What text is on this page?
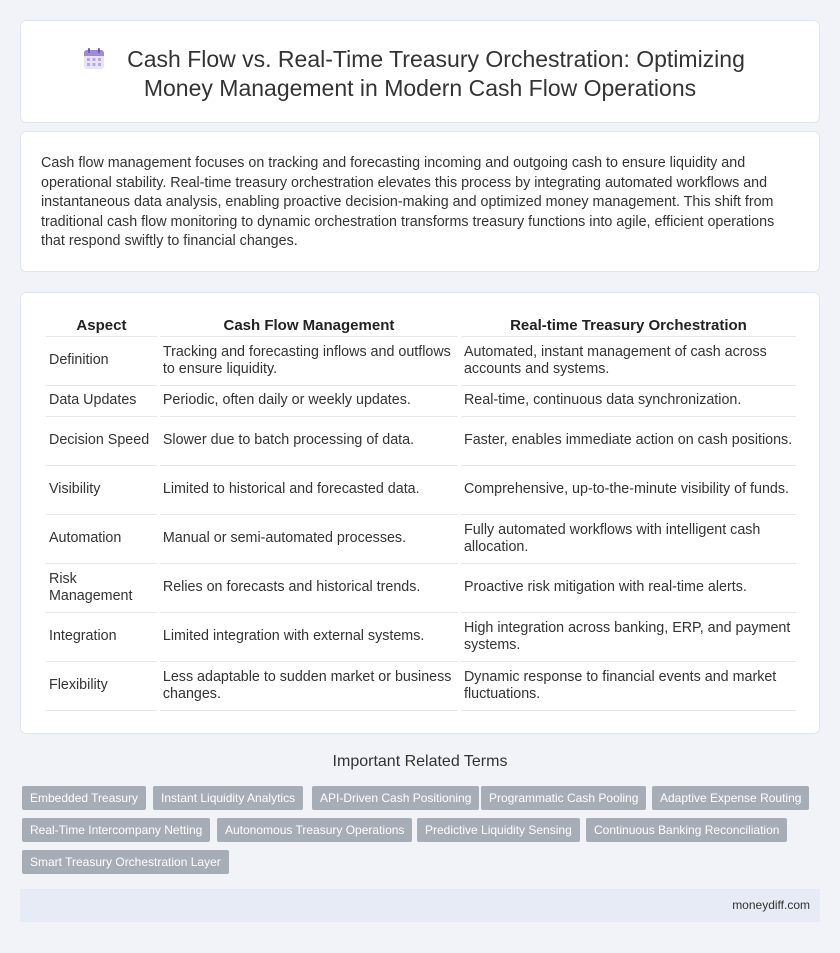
Cash Flow vs. Real-Time Treasury Orchestration: Optimizing
Money Management in Modern Cash Flow Operations

Cash flow management focuses on tracking and forecasting incoming and outgoing cash to ensure liquidity and operational stability. Real-time treasury orchestration elevates this process by integrating automated workflows and instantaneous data analysis, enabling proactive decision-making and optimized money management. This shift from traditional cash flow monitoring to dynamic orchestration transforms treasury functions into agile, efficient operations that respond swiftly to financial changes.

Aspect	Cash Flow Management	Real-time Treasury Orchestration
Definition	Tracking and forecasting inflows and outflows to ensure liquidity.	Automated, instant management of cash across accounts and systems.
Data Updates	Periodic, often daily or weekly updates.	Real-time, continuous data synchronization.
Decision Speed	Slower due to batch processing of data.	Faster, enables immediate action on cash positions.
Visibility	Limited to historical and forecasted data.	Comprehensive, up-to-the-minute visibility of funds.
Automation	Manual or semi-automated processes.	Fully automated workflows with intelligent cash allocation.
Risk Management	Relies on forecasts and historical trends.	Proactive risk mitigation with real-time alerts.
Integration	Limited integration with external systems.	High integration across banking, ERP, and payment systems.
Flexibility	Less adaptable to sudden market or business changes.	Dynamic response to financial events and market fluctuations.
Important Related Terms
Embedded Treasury	Instant Liquidity Analytics	API-Driven Cash Positioning	Programmatic Cash Pooling	Adaptive Expense Routing
Real-Time Intercompany Netting	Autonomous Treasury Operations	Predictive Liquidity Sensing	Continuous Banking Reconciliation
Smart Treasury Orchestration Layer
moneydiff.com
